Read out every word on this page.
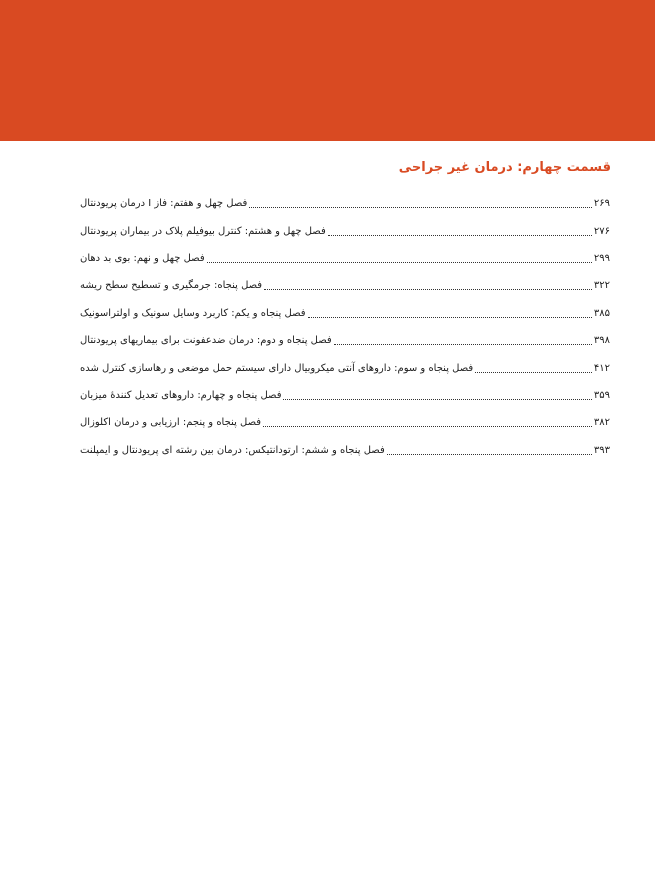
قسمت چهارم: درمان غیر جراحی
فصل چهل و هفتم: فاز I درمان پریودنتال	۲۶۹
فصل چهل و هشتم: کنترل بیوفیلم پلاک در بیماران پریودنتال	۲۷۶
فصل چهل و نهم: بوی بد دهان	۲۹۹
فصل پنجاه: جرمگیری و تسطیح سطح ریشه	۳۲۲
فصل پنجاه و یکم: کاربرد وسایل سونیک و اولتراسونیک	۳۸۵
فصل پنجاه و دوم: درمان ضدعفونت برای بیماریهای پریودنتال	۳۹۸
فصل پنجاه و سوم: داروهای آنتی میکروبیال دارای سیستم حمل موضعی و رهاسازی کنترل شده	۴۱۲
فصل پنجاه و چهارم: داروهای تعدیل کنندهٔ میزبان	۳۵۹
فصل پنجاه و پنجم: ارزیابی و درمان اکلوزال	۳۸۲
فصل پنجاه و ششم: ارتودانتیکس: درمان بین رشته ای پریودنتال و ایمپلنت	۳۹۳
